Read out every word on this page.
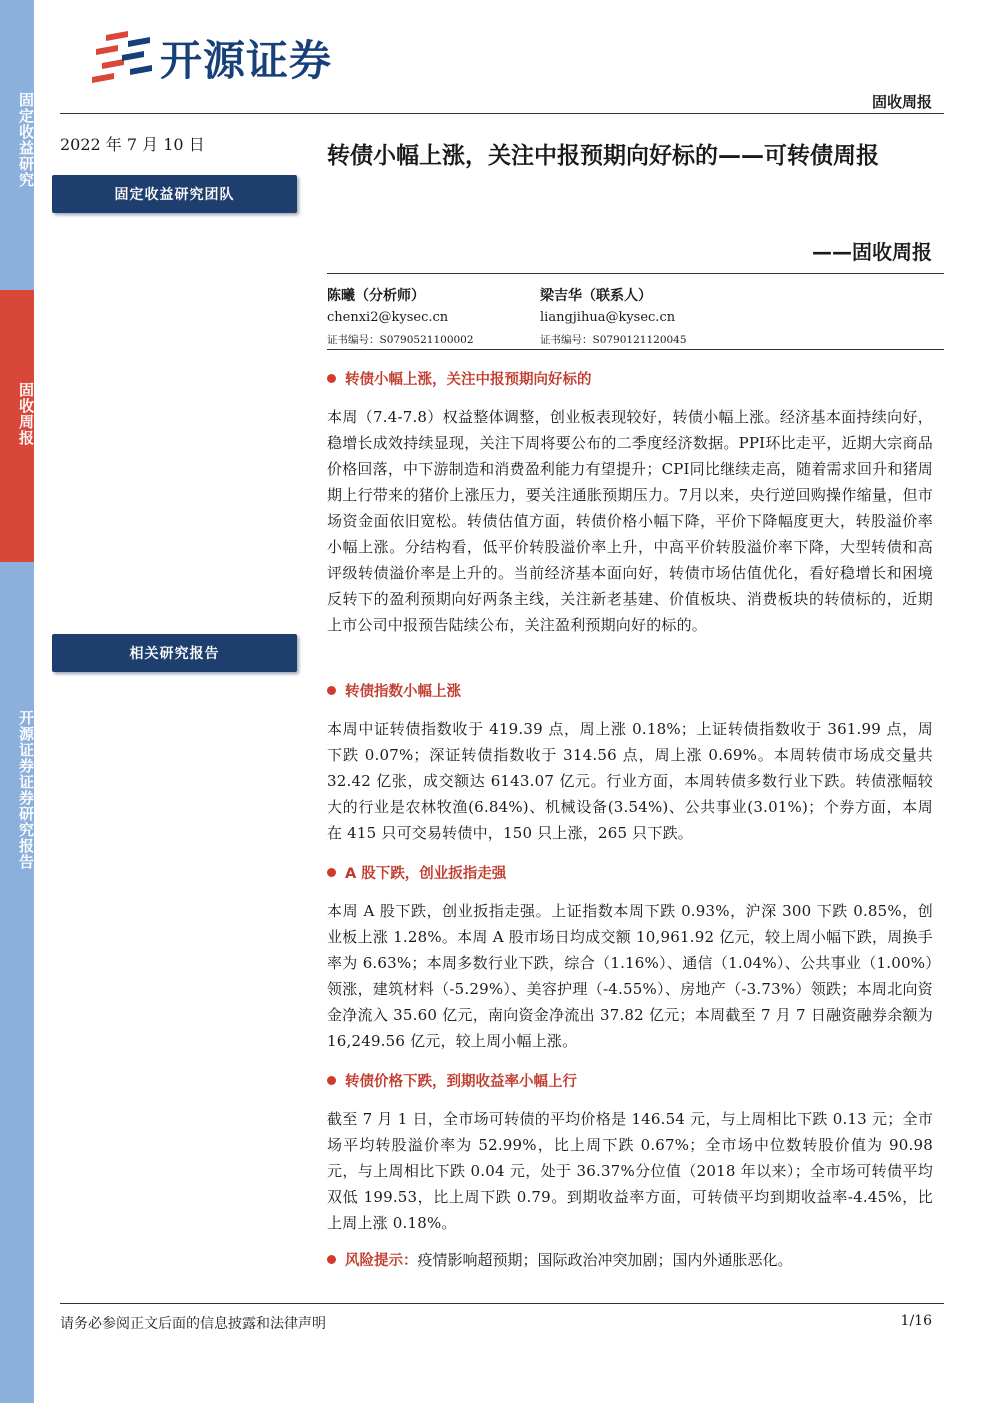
固定收益研究
固收周报
开源证券证券研究报告
开源证券
固收周报
2022 年 7 月 10 日
固定收益研究团队
相关研究报告
转债小幅上涨，关注中报预期向好标的——可转债周报
——固收周报
陈曦（分析师）
chenxi2@kysec.cn
证书编号：S0790521100002
梁吉华（联系人）
liangjihua@kysec.cn
证书编号：S0790121120045
转债小幅上涨，关注中报预期向好标的
本周（7.4-7.8）权益整体调整，创业板表现较好，转债小幅上涨。经济基本面持续向好，稳增长成效持续显现，关注下周将要公布的二季度经济数据。PPI环比走平，近期大宗商品价格回落，中下游制造和消费盈利能力有望提升；CPI同比继续走高，随着需求回升和猪周期上行带来的猪价上涨压力，要关注通胀预期压力。7月以来，央行逆回购操作缩量，但市场资金面依旧宽松。转债估值方面，转债价格小幅下降，平价下降幅度更大，转股溢价率小幅上涨。分结构看，低平价转股溢价率上升，中高平价转股溢价率下降，大型转债和高评级转债溢价率是上升的。当前经济基本面向好，转债市场估值优化，看好稳增长和困境反转下的盈利预期向好两条主线，关注新老基建、价值板块、消费板块的转债标的，近期上市公司中报预告陆续公布，关注盈利预期向好的标的。
转债指数小幅上涨
本周中证转债指数收于 419.39 点，周上涨 0.18%；上证转债指数收于 361.99 点，周下跌 0.07%；深证转债指数收于 314.56 点，周上涨 0.69%。本周转债市场成交量共 32.42 亿张，成交额达 6143.07 亿元。行业方面，本周转债多数行业下跌。转债涨幅较大的行业是农林牧渔(6.84%)、机械设备(3.54%)、公共事业(3.01%)；个券方面，本周在 415 只可交易转债中，150 只上涨，265 只下跌。
A 股下跌，创业扳指走强
本周 A 股下跌，创业扳指走强。上证指数本周下跌 0.93%，沪深 300 下跌 0.85%，创业板上涨 1.28%。本周 A 股市场日均成交额 10,961.92 亿元，较上周小幅下跌，周换手率为 6.63%；本周多数行业下跌，综合（1.16%）、通信（1.04%）、公共事业（1.00%）领涨，建筑材料（-5.29%）、美容护理（-4.55%）、房地产（-3.73%）领跌；本周北向资金净流入 35.60 亿元，南向资金净流出 37.82 亿元；本周截至 7 月 7 日融资融券余额为 16,249.56 亿元，较上周小幅上涨。
转债价格下跌，到期收益率小幅上行
截至 7 月 1 日，全市场可转债的平均价格是 146.54 元，与上周相比下跌 0.13 元；全市场平均转股溢价率为 52.99%，比上周下跌 0.67%；全市场中位数转股价值为 90.98 元，与上周相比下跌 0.04 元，处于 36.37%分位值（2018 年以来）；全市场可转债平均双低 199.53，比上周下跌 0.79。到期收益率方面，可转债平均到期收益率-4.45%，比上周上涨 0.18%。
风险提示： 疫情影响超预期；国际政治冲突加剧；国内外通胀恶化。
请务必参阅正文后面的信息披露和法律声明	1/16
